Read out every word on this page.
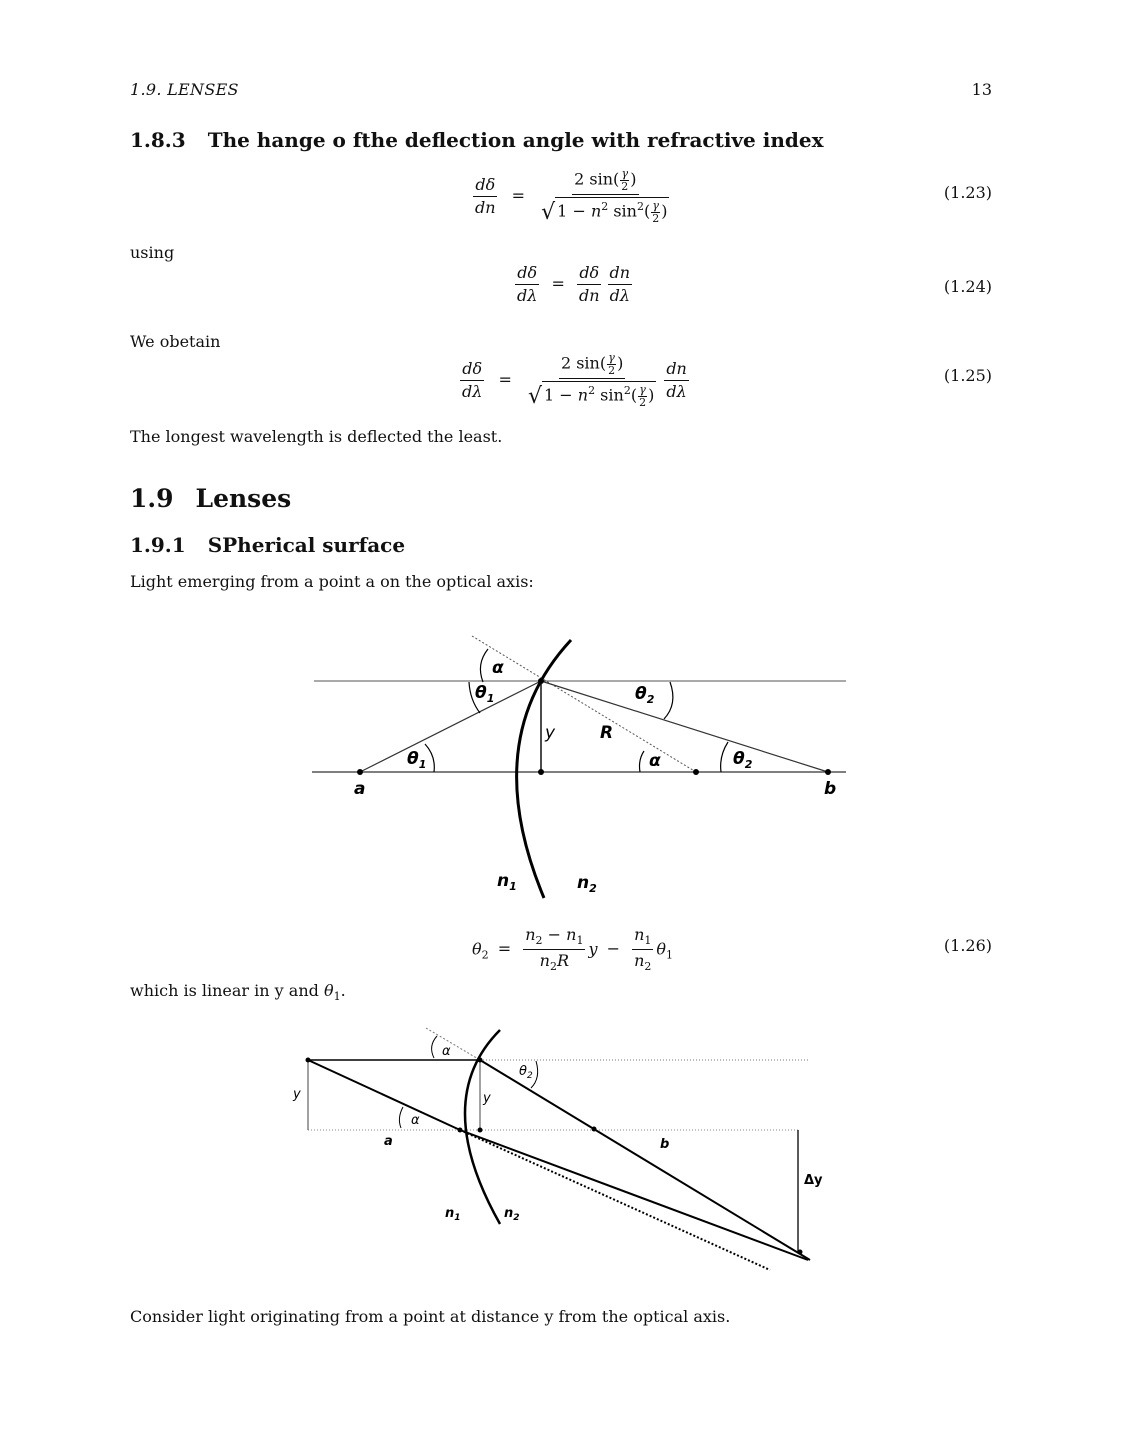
1.9. LENSES	13
1.8.3 The hange o fthe deflection angle with refractive index
$\frac{d\delta}{dn} = \frac{2 \sin( \frac{\gamma}{2} )}{√ 1 - n^2 \sin^2( \frac{\gamma}{2} )}$	(1.23)
using
$\frac{d\delta}{d\lambda} = \frac{d\delta}{dn} \frac{dn}{d\lambda}$	(1.24)
We obetain
$\frac{d\delta}{d\lambda} = \frac{2 \sin( \frac{\gamma}{2} )}{√ 1 - n^2 \sin^2( \frac{\gamma}{2} )} \frac{dn}{d\lambda}$	(1.25)
The longest wavelength is deflected the least.
1.9 Lenses
1.9.1 SPherical surface
Light emerging from a point a on the optical axis:
α
$\theta_1$	$\theta_2$
y	R
$\theta_1$	α	$\theta_2$
a	b
$n_1$	$n_2$
$\theta_2 = \frac{n_2 - n_1}{n_2R}$ $y - \frac{n_1}{n_2} \theta_1$	(1.26)
which is linear in y and $\theta_1$.
α
$\theta_2$
y	y
α
a	b
Δy
$n_1$	$n_2$
Consider light originating from a point at distance y from the optical axis.
